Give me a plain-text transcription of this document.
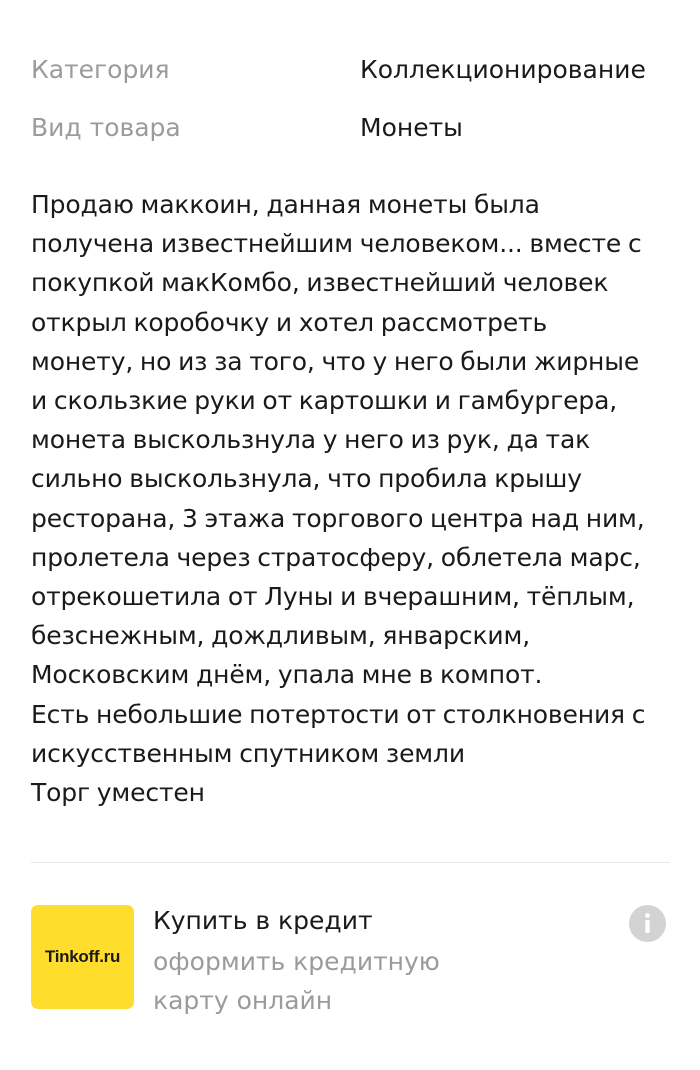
Категория	Коллекционирование
Вид товара	Монеты
Продаю маккоин, данная монеты была
получена известнейшим человеком... вместе с
покупкой макКомбо, известнейший человек
открыл коробочку и хотел рассмотреть
монету, но из за того, что у него были жирные
и скользкие руки от картошки и гамбургера,
монета выскользнула у него из рук, да так
сильно выскользнула, что пробила крышу
ресторана, 3 этажа торгового центра над ним,
пролетела через стратосферу, облетела марс,
отрекошетила от Луны и вчерашним, тёплым,
безснежным, дождливым, январским,
Московским днём, упала мне в компот.
Есть небольшие потертости от столкновения с
искусственным спутником земли
Торг уместен
Tinkoff.ru
Купить в кредит
оформить кредитную
карту онлайн
